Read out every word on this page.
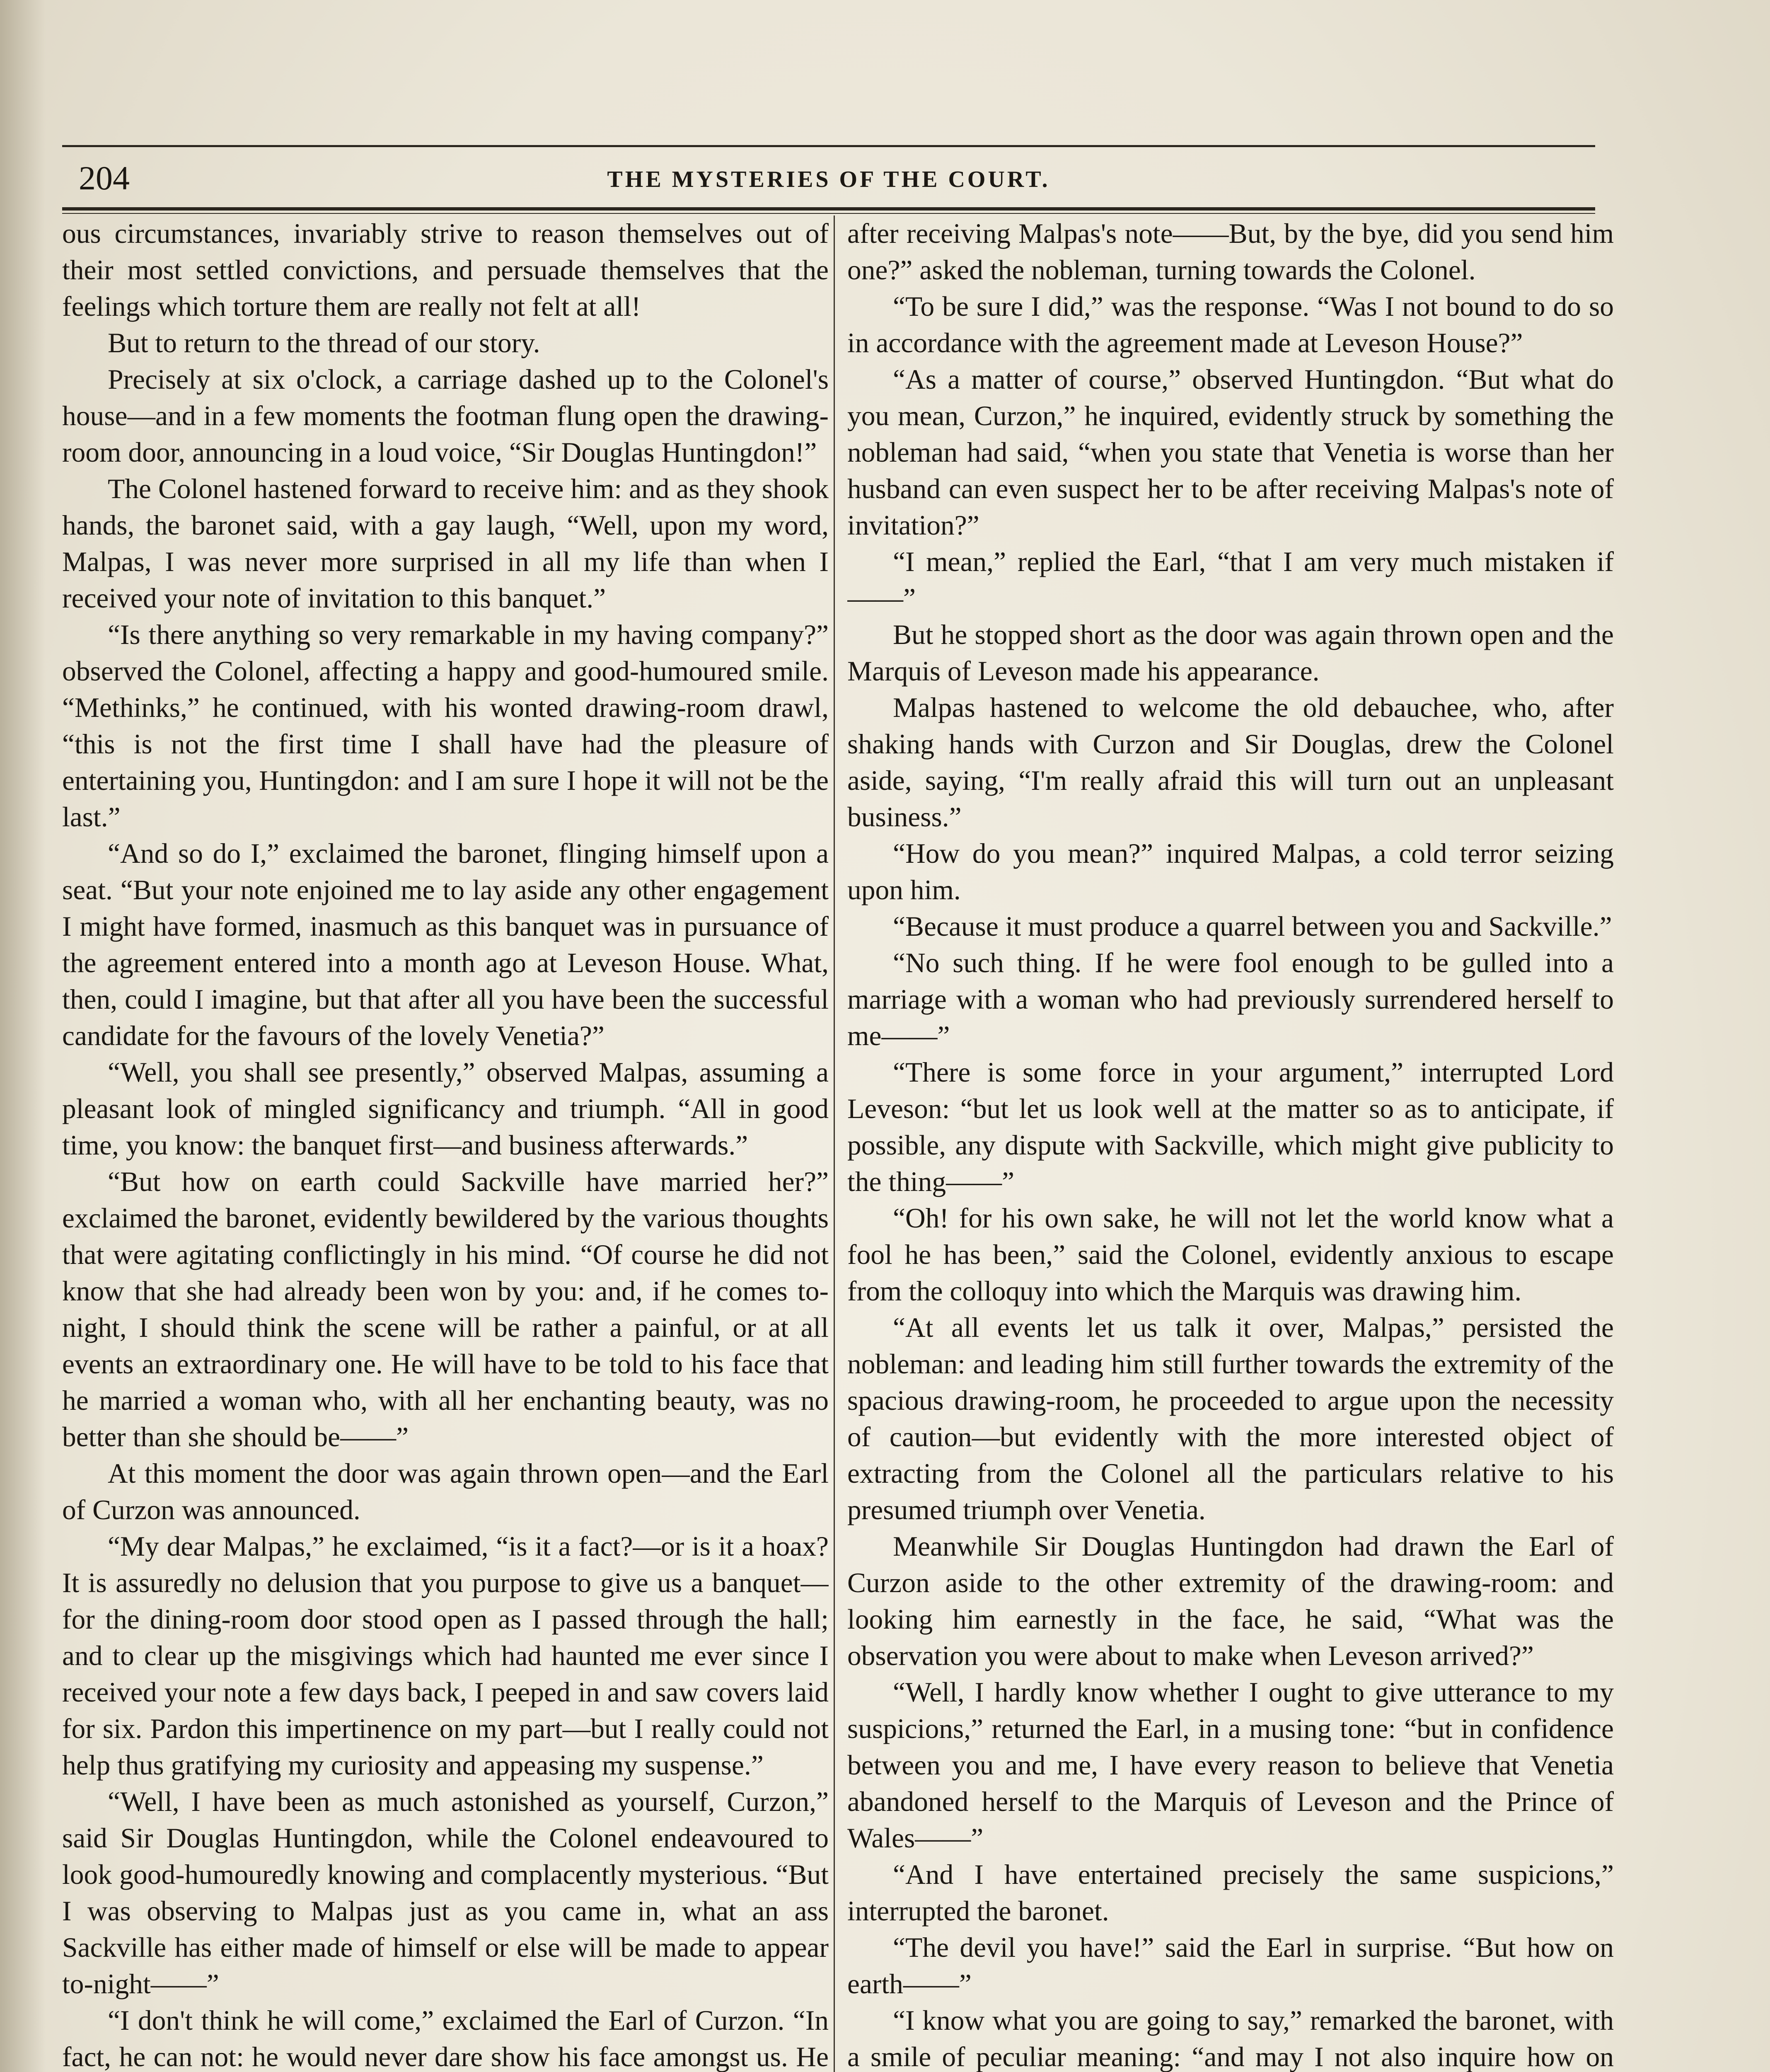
204	THE MYSTERIES OF THE COURT.

ous circumstances, invariably strive to reason themselves out of their most settled convictions, and persuade themselves that the feelings which torture them are really not felt at all!

But to return to the thread of our story.

Precisely at six o'clock, a carriage dashed up to the Colonel's house—and in a few moments the footman flung open the drawing-room door, announcing in a loud voice, “Sir Douglas Huntingdon!”

The Colonel hastened forward to receive him: and as they shook hands, the baronet said, with a gay laugh, “Well, upon my word, Malpas, I was never more surprised in all my life than when I received your note of invitation to this banquet.”

“Is there anything so very remarkable in my having company?” observed the Colonel, affecting a happy and good-humoured smile. “Methinks,” he continued, with his wonted drawing-room drawl, “this is not the first time I shall have had the pleasure of entertaining you, Huntingdon: and I am sure I hope it will not be the last.”

“And so do I,” exclaimed the baronet, flinging himself upon a seat. “But your note enjoined me to lay aside any other engagement I might have formed, inasmuch as this banquet was in pursuance of the agreement entered into a month ago at Leveson House. What, then, could I imagine, but that after all you have been the successful candidate for the favours of the lovely Venetia?”

“Well, you shall see presently,” observed Malpas, assuming a pleasant look of mingled significancy and triumph. “All in good time, you know: the banquet first—and business afterwards.”

“But how on earth could Sackville have married her?” exclaimed the baronet, evidently bewildered by the various thoughts that were agitating conflictingly in his mind. “Of course he did not know that she had already been won by you: and, if he comes to-night, I should think the scene will be rather a painful, or at all events an extraordinary one. He will have to be told to his face that he married a woman who, with all her enchanting beauty, was no better than she should be——”

At this moment the door was again thrown open—and the Earl of Curzon was announced.

“My dear Malpas,” he exclaimed, “is it a fact?—or is it a hoax? It is assuredly no delusion that you purpose to give us a banquet—for the dining-room door stood open as I passed through the hall; and to clear up the misgivings which had haunted me ever since I received your note a few days back, I peeped in and saw covers laid for six. Pardon this impertinence on my part—but I really could not help thus gratifying my curiosity and appeasing my suspense.”

“Well, I have been as much astonished as yourself, Curzon,” said Sir Douglas Huntingdon, while the Colonel endeavoured to look good-humouredly knowing and complacently mysterious. “But I was observing to Malpas just as you came in, what an ass Sackville has either made of himself or else will be made to appear to-night——”

“I don't think he will come,” exclaimed the Earl of Curzon. “In fact, he can not: he would never dare show his face amongst us. He

after receiving Malpas's note——But, by the bye, did you send him one?” asked the nobleman, turning towards the Colonel.

“To be sure I did,” was the response. “Was I not bound to do so in accordance with the agreement made at Leveson House?”

“As a matter of course,” observed Huntingdon. “But what do you mean, Curzon,” he inquired, evidently struck by something the nobleman had said, “when you state that Venetia is worse than her husband can even suspect her to be after receiving Malpas's note of invitation?”

“I mean,” replied the Earl, “that I am very much mistaken if——”

But he stopped short as the door was again thrown open and the Marquis of Leveson made his appearance.

Malpas hastened to welcome the old debauchee, who, after shaking hands with Curzon and Sir Douglas, drew the Colonel aside, saying, “I'm really afraid this will turn out an unpleasant business.”

“How do you mean?” inquired Malpas, a cold terror seizing upon him.

“Because it must produce a quarrel between you and Sackville.”

“No such thing. If he were fool enough to be gulled into a marriage with a woman who had previously surrendered herself to me——”

“There is some force in your argument,” interrupted Lord Leveson: “but let us look well at the matter so as to anticipate, if possible, any dispute with Sackville, which might give publicity to the thing——”

“Oh! for his own sake, he will not let the world know what a fool he has been,” said the Colonel, evidently anxious to escape from the colloquy into which the Marquis was drawing him.

“At all events let us talk it over, Malpas,” persisted the nobleman: and leading him still further towards the extremity of the spacious drawing-room, he proceeded to argue upon the necessity of caution—but evidently with the more interested object of extracting from the Colonel all the particulars relative to his presumed triumph over Venetia.

Meanwhile Sir Douglas Huntingdon had drawn the Earl of Curzon aside to the other extremity of the drawing-room: and looking him earnestly in the face, he said, “What was the observation you were about to make when Leveson arrived?”

“Well, I hardly know whether I ought to give utterance to my suspicions,” returned the Earl, in a musing tone: “but in confidence between you and me, I have every reason to believe that Venetia abandoned herself to the Marquis of Leveson and the Prince of Wales——”

“And I have entertained precisely the same suspicions,” interrupted the baronet.

“The devil you have!” said the Earl in surprise. “But how on earth——”

“I know what you are going to say,” remarked the baronet, with a smile of peculiar meaning: “and may I not also inquire how on
